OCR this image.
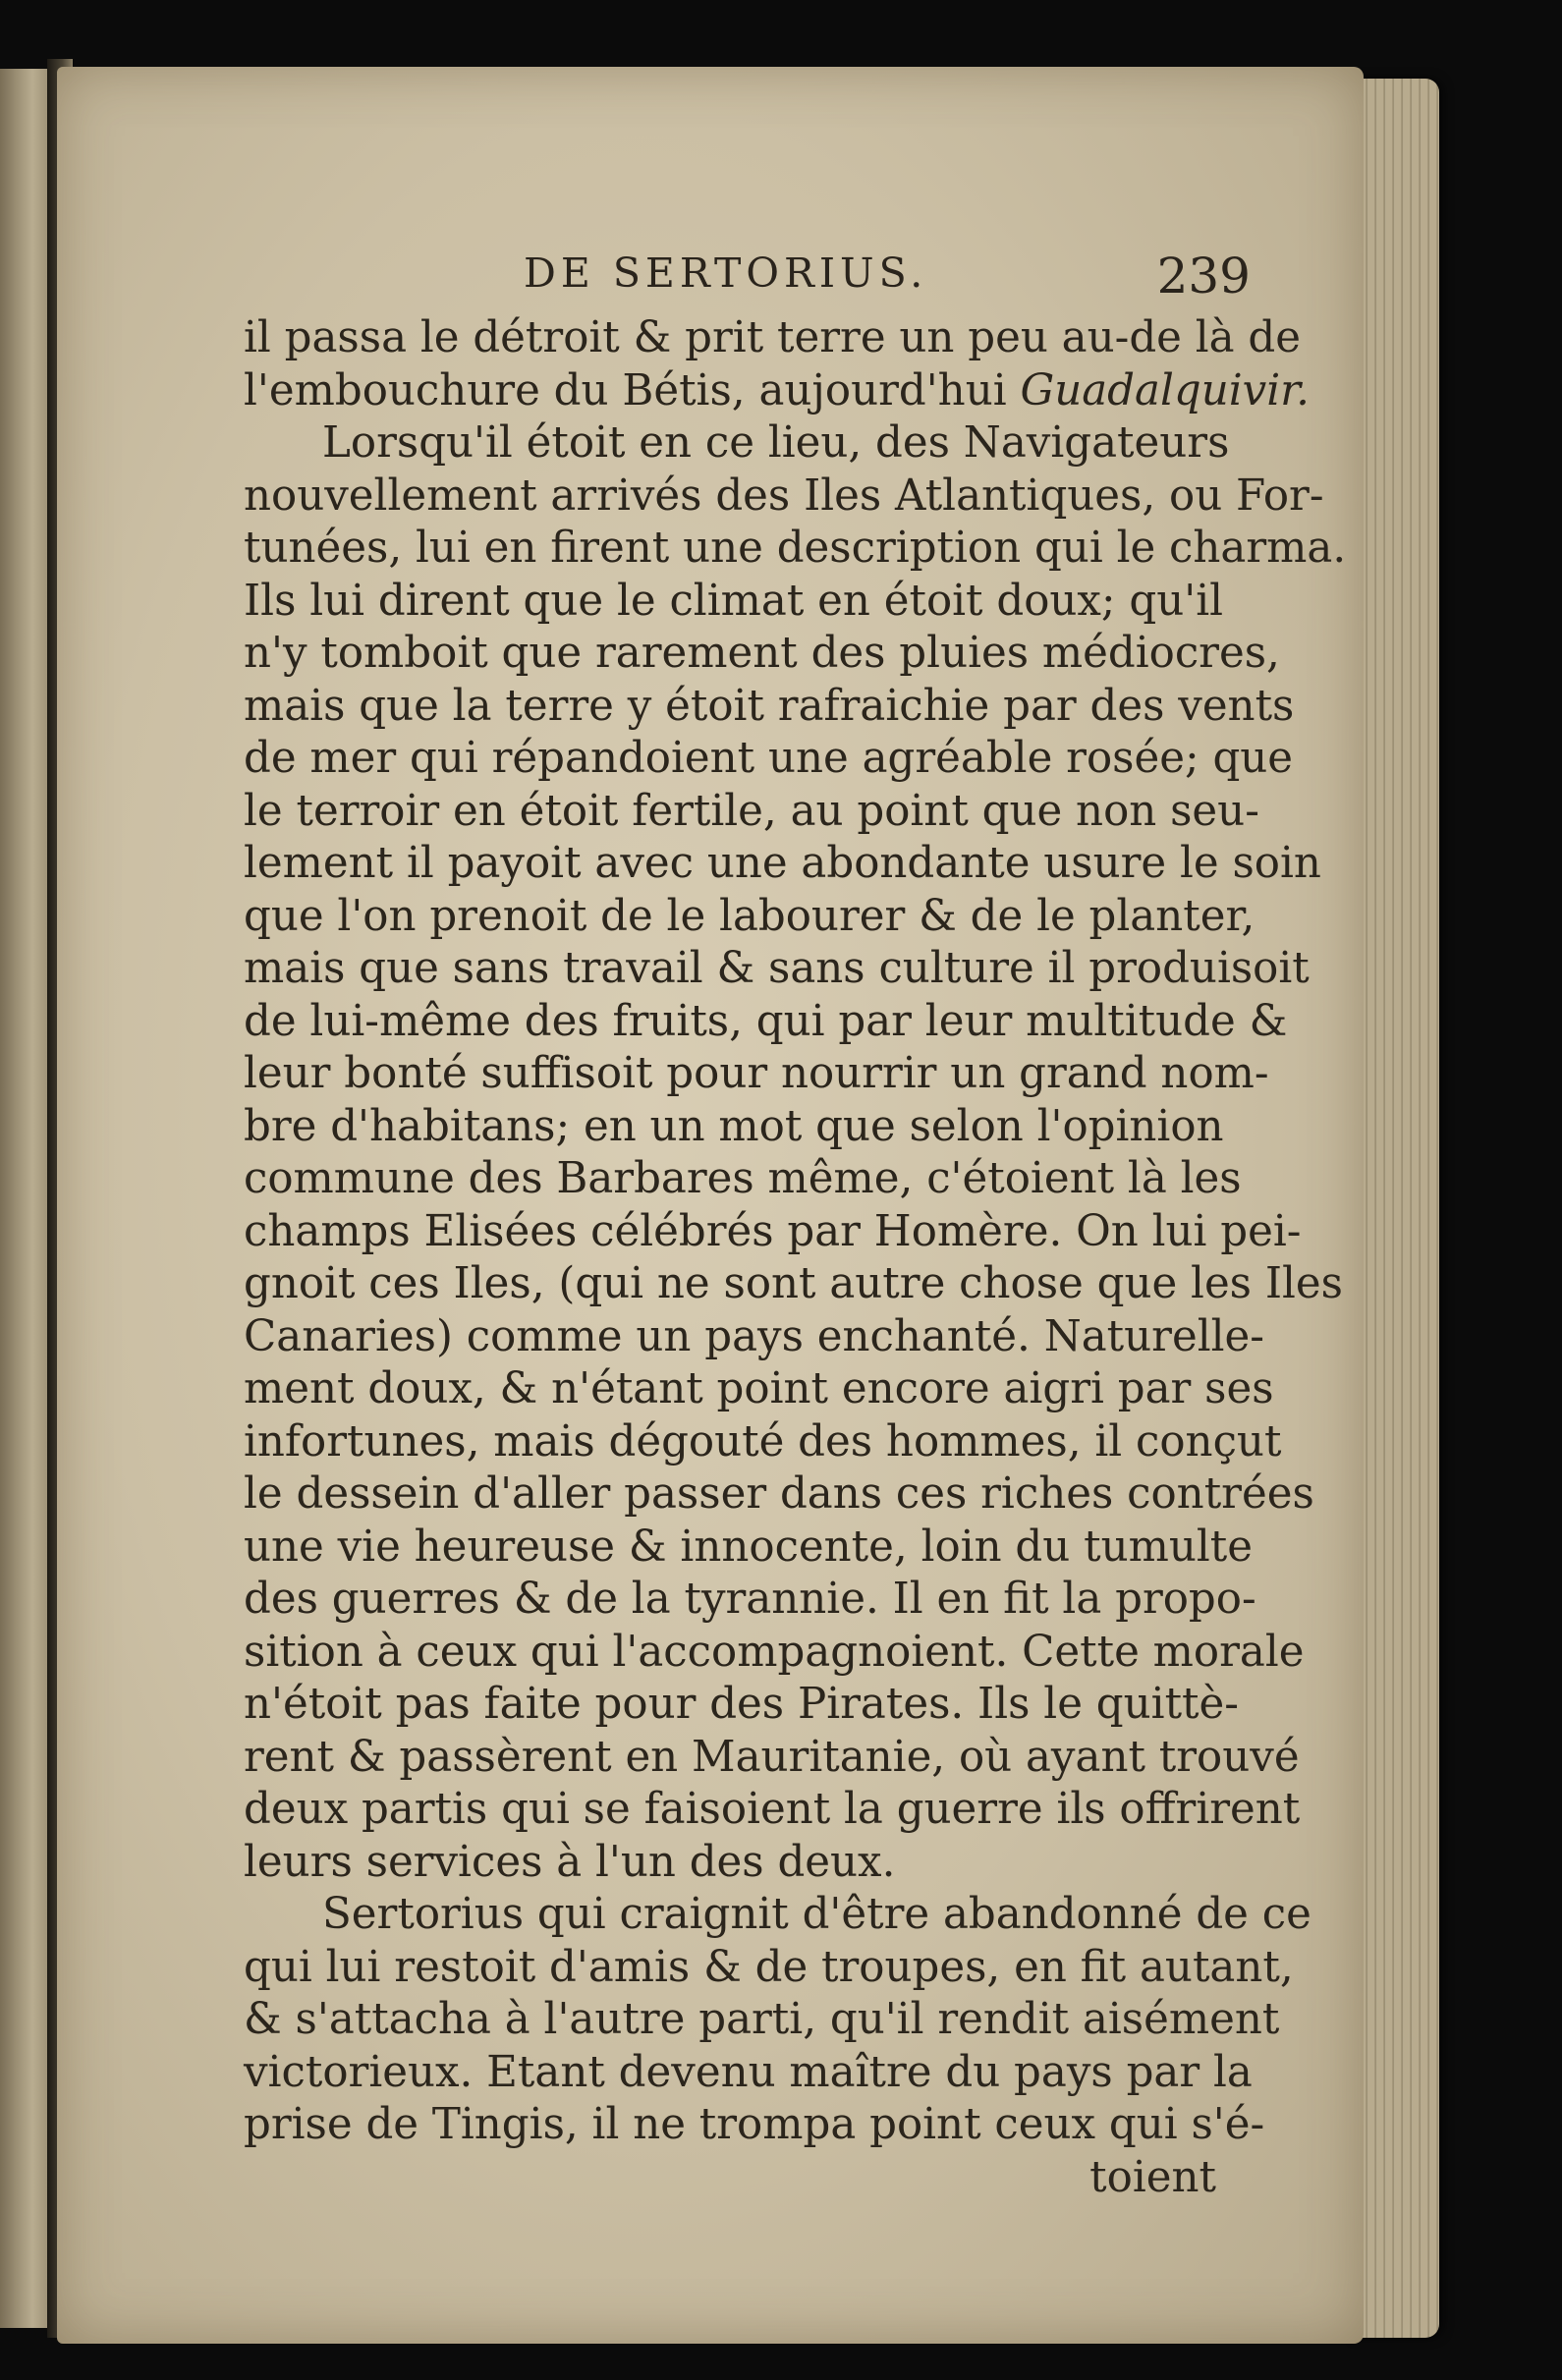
DE SERTORIUS.	239
il passa le détroit & prit terre un peu au-de là de
l'embouchure du Bétis, aujourd'hui Guadalquivir.
Lorsqu'il étoit en ce lieu, des Navigateurs
nouvellement arrivés des Iles Atlantiques, ou For-
tunées, lui en firent une description qui le charma.
Ils lui dirent que le climat en étoit doux; qu'il
n'y tomboit que rarement des pluies médiocres,
mais que la terre y étoit rafraichie par des vents
de mer qui répandoient une agréable rosée; que
le terroir en étoit fertile, au point que non seu-
lement il payoit avec une abondante usure le soin
que l'on prenoit de le labourer & de le planter,
mais que sans travail & sans culture il produisoit
de lui-même des fruits, qui par leur multitude &
leur bonté suffisoit pour nourrir un grand nom-
bre d'habitans; en un mot que selon l'opinion
commune des Barbares même, c'étoient là les
champs Elisées célébrés par Homère. On lui pei-
gnoit ces Iles, (qui ne sont autre chose que les Iles
Canaries) comme un pays enchanté. Naturelle-
ment doux, & n'étant point encore aigri par ses
infortunes, mais dégouté des hommes, il conçut
le dessein d'aller passer dans ces riches contrées
une vie heureuse & innocente, loin du tumulte
des guerres & de la tyrannie. Il en fit la propo-
sition à ceux qui l'accompagnoient. Cette morale
n'étoit pas faite pour des Pirates. Ils le quittè-
rent & passèrent en Mauritanie, où ayant trouvé
deux partis qui se faisoient la guerre ils offrirent
leurs services à l'un des deux.
Sertorius qui craignit d'être abandonné de ce
qui lui restoit d'amis & de troupes, en fit autant,
& s'attacha à l'autre parti, qu'il rendit aisément
victorieux. Etant devenu maître du pays par la
prise de Tingis, il ne trompa point ceux qui s'é-
toient
